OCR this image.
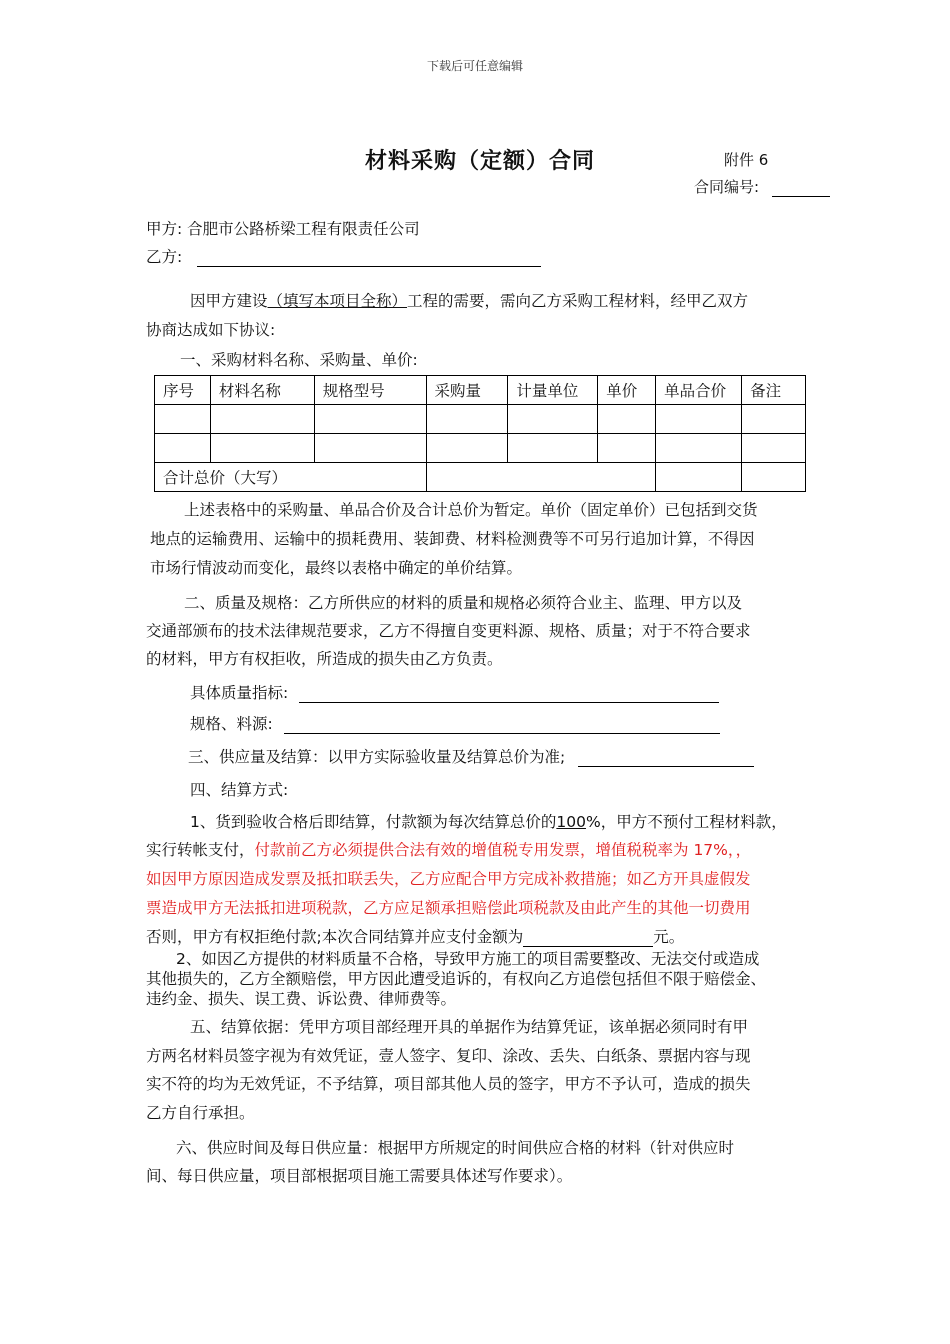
下载后可任意编辑
材料采购（定额）合同	附件 6
合同编号:
甲方: 合肥市公路桥梁工程有限责任公司
乙方:
因甲方建设（填写本项目全称）工程的需要，需向乙方采购工程材料，经甲乙双方
协商达成如下协议:
一、采购材料名称、采购量、单价:
序号	材料名称	规格型号	采购量	计量单位	单价	单品合价	备注

合计总价（大写）							
上述表格中的采购量、单品合价及合计总价为暂定。单价（固定单价）已包括到交货
地点的运输费用、运输中的损耗费用、装卸费、材料检测费等不可另行追加计算，不得因
市场行情波动而变化，最终以表格中确定的单价结算。
二、质量及规格：乙方所供应的材料的质量和规格必须符合业主、监理、甲方以及
交通部颁布的技术法律规范要求，乙方不得擅自变更料源、规格、质量；对于不符合要求
的材料，甲方有权拒收，所造成的损失由乙方负责。
具体质量指标:
规格、料源:
三、供应量及结算：以甲方实际验收量及结算总价为准;
四、结算方式:
1、货到验收合格后即结算，付款额为每次结算总价的100%，甲方不预付工程材料款，
实行转帐支付，付款前乙方必须提供合法有效的增值税专用发票，增值税税率为 17%，，
如因甲方原因造成发票及抵扣联丢失，乙方应配合甲方完成补救措施；如乙方开具虚假发
票造成甲方无法抵扣进项税款，乙方应足额承担赔偿此项税款及由此产生的其他一切费用
否则，甲方有权拒绝付款;本次合同结算并应支付金额为	元。
2、如因乙方提供的材料质量不合格，导致甲方施工的项目需要整改、无法交付或造成
其他损失的，乙方全额赔偿，甲方因此遭受追诉的，有权向乙方追偿包括但不限于赔偿金、
违约金、损失、误工费、诉讼费、律师费等。
五、结算依据：凭甲方项目部经理开具的单据作为结算凭证，该单据必须同时有甲
方两名材料员签字视为有效凭证，壹人签字、复印、涂改、丢失、白纸条、票据内容与现
实不符的均为无效凭证，不予结算，项目部其他人员的签字，甲方不予认可，造成的损失
乙方自行承担。
六、供应时间及每日供应量：根据甲方所规定的时间供应合格的材料（针对供应时
间、每日供应量，项目部根据项目施工需要具体述写作要求）。
